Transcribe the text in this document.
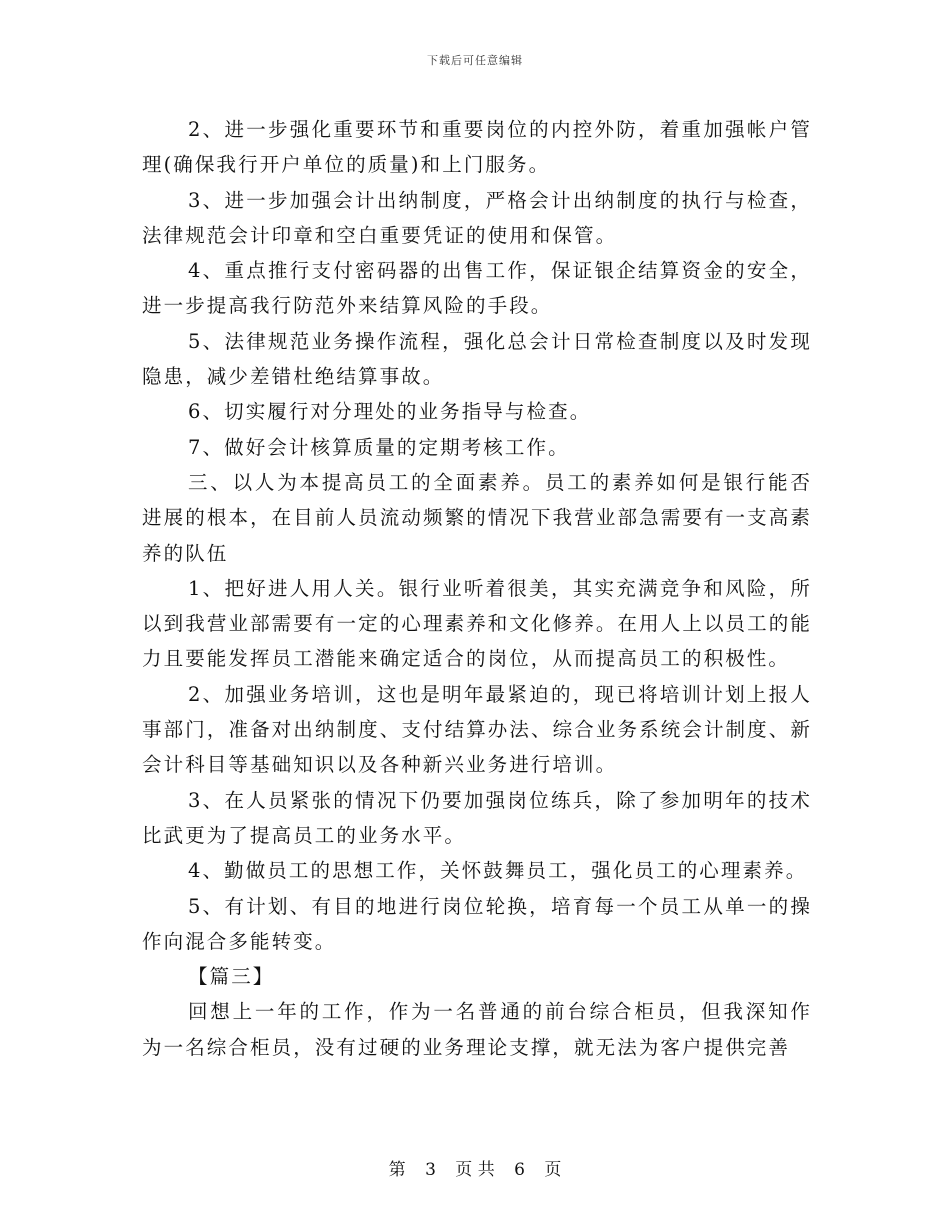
下载后可任意编辑

2、进一步强化重要环节和重要岗位的内控外防，着重加强帐户管理(确保我行开户单位的质量)和上门服务。

3、进一步加强会计出纳制度，严格会计出纳制度的执行与检查，法律规范会计印章和空白重要凭证的使用和保管。

4、重点推行支付密码器的出售工作，保证银企结算资金的安全，进一步提高我行防范外来结算风险的手段。

5、法律规范业务操作流程，强化总会计日常检查制度以及时发现隐患，减少差错杜绝结算事故。

6、切实履行对分理处的业务指导与检查。

7、做好会计核算质量的定期考核工作。

三、以人为本提高员工的全面素养。员工的素养如何是银行能否进展的根本，在目前人员流动频繁的情况下我营业部急需要有一支高素养的队伍

1、把好进人用人关。银行业听着很美，其实充满竞争和风险，所以到我营业部需要有一定的心理素养和文化修养。在用人上以员工的能力且要能发挥员工潜能来确定适合的岗位，从而提高员工的积极性。

2、加强业务培训，这也是明年最紧迫的，现已将培训计划上报人事部门，准备对出纳制度、支付结算办法、综合业务系统会计制度、新会计科目等基础知识以及各种新兴业务进行培训。

3、在人员紧张的情况下仍要加强岗位练兵，除了参加明年的技术比武更为了提高员工的业务水平。

4、勤做员工的思想工作，关怀鼓舞员工，强化员工的心理素养。

5、有计划、有目的地进行岗位轮换，培育每一个员工从单一的操作向混合多能转变。

【篇三】

回想上一年的工作，作为一名普通的前台综合柜员，但我深知作为一名综合柜员，没有过硬的业务理论支撑，就无法为客户提供完善

第 3 页 共 6 页
